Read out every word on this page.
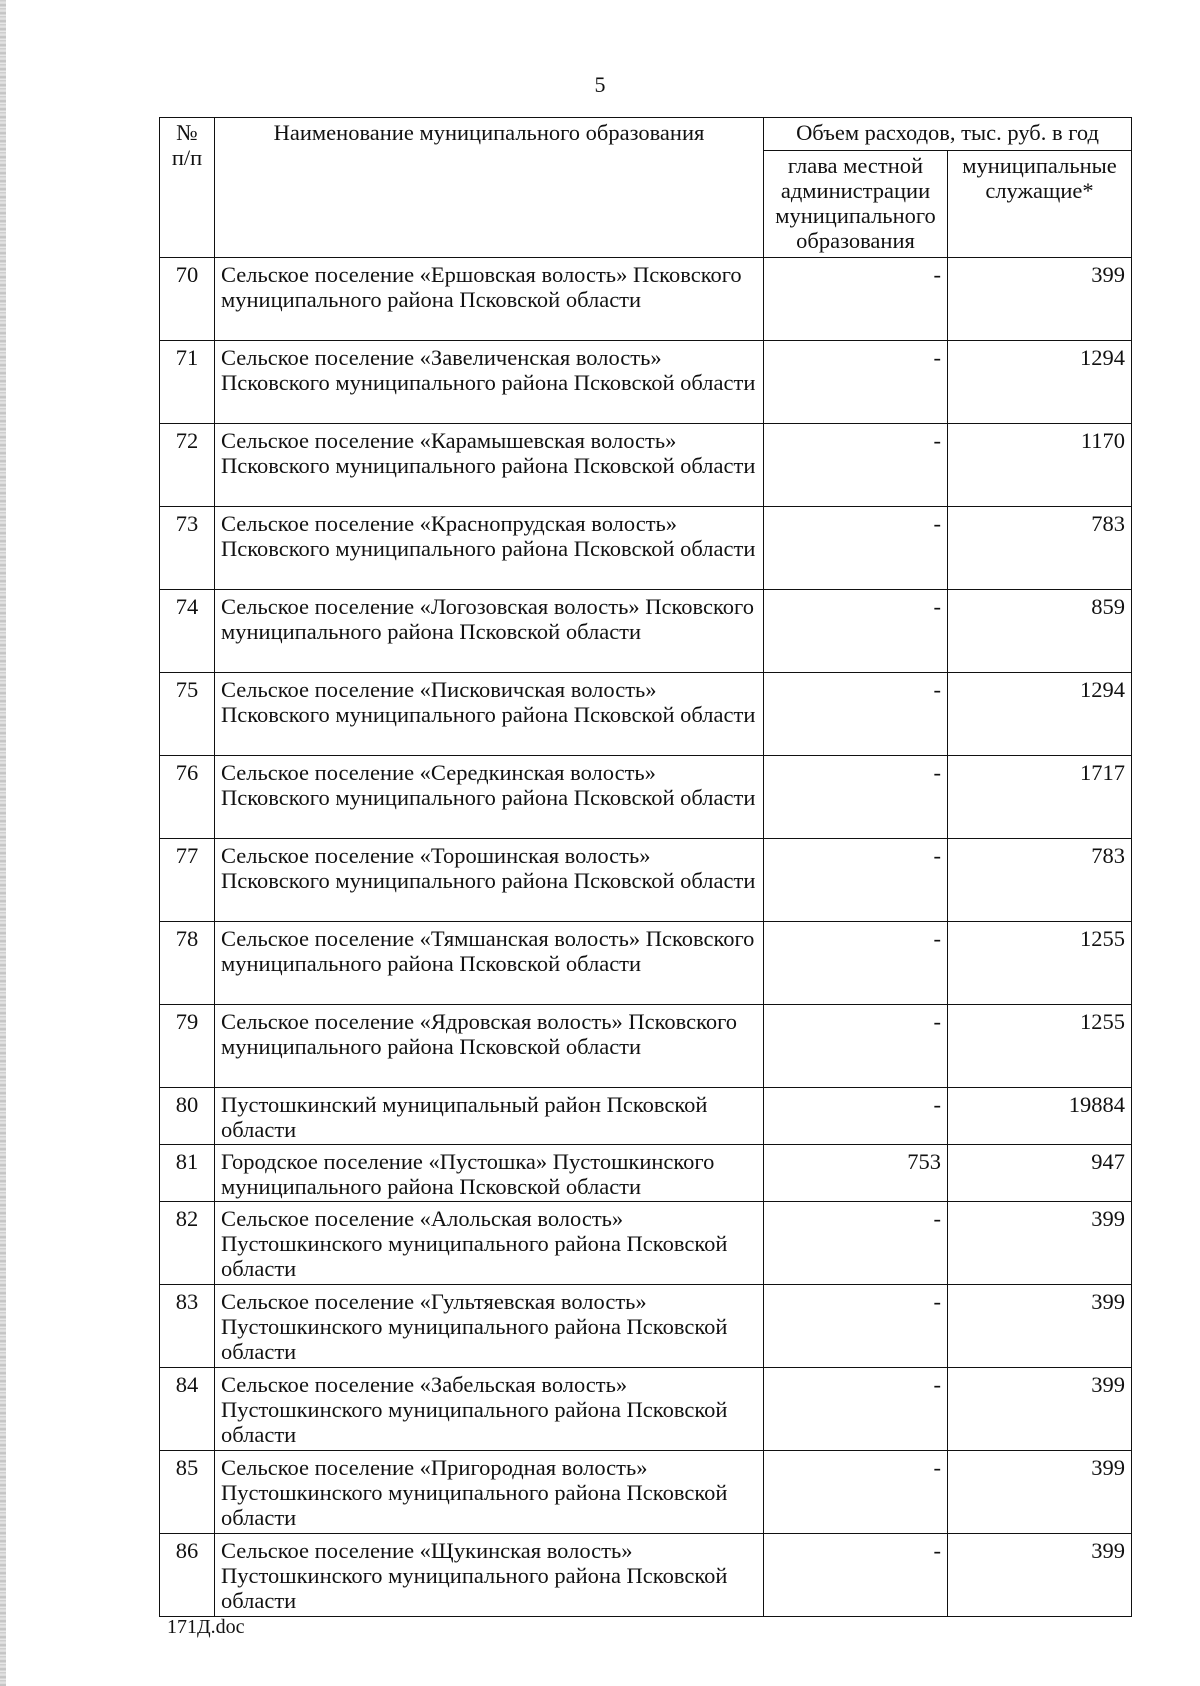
5
№ п/п	Наименование муниципального образования	Объем расходов, тыс. руб. в год	
		глава местной администрации муниципального образования	муниципальные служащие*
70	Сельское поселение «Ершовская волость» Псковского муниципального района Псковской области	-	399
71	Сельское поселение «Завеличенская волость» Псковского муниципального района Псковской области	-	1294
72	Сельское поселение «Карамышевская волость» Псковского муниципального района Псковской области	-	1170
73	Сельское поселение «Краснопрудская волость» Псковского муниципального района Псковской области	-	783
74	Сельское поселение «Логозовская волость» Псковского муниципального района Псковской области	-	859
75	Сельское поселение «Писковичская волость» Псковского муниципального района Псковской области	-	1294
76	Сельское поселение «Середкинская волость» Псковского муниципального района Псковской области	-	1717
77	Сельское поселение «Торошинская волость» Псковского муниципального района Псковской области	-	783
78	Сельское поселение «Тямшанская волость» Псковского муниципального района Псковской области	-	1255
79	Сельское поселение «Ядровская волость» Псковского муниципального района Псковской области	-	1255
80	Пустошкинский муниципальный район Псковской области	-	19884
81	Городское поселение «Пустошка» Пустошкинского муниципального района Псковской области	753	947
82	Сельское поселение «Алольская волость» Пустошкинского муниципального района Псковской области	-	399
83	Сельское поселение «Гультяевская волость» Пустошкинского муниципального района Псковской области	-	399
84	Сельское поселение «Забельская волость» Пустошкинского муниципального района Псковской области	-	399
85	Сельское поселение «Пригородная волость» Пустошкинского муниципального района Псковской области	-	399
86	Сельское поселение «Щукинская волость» Пустошкинского муниципального района Псковской области	-	399
171Д.doc
